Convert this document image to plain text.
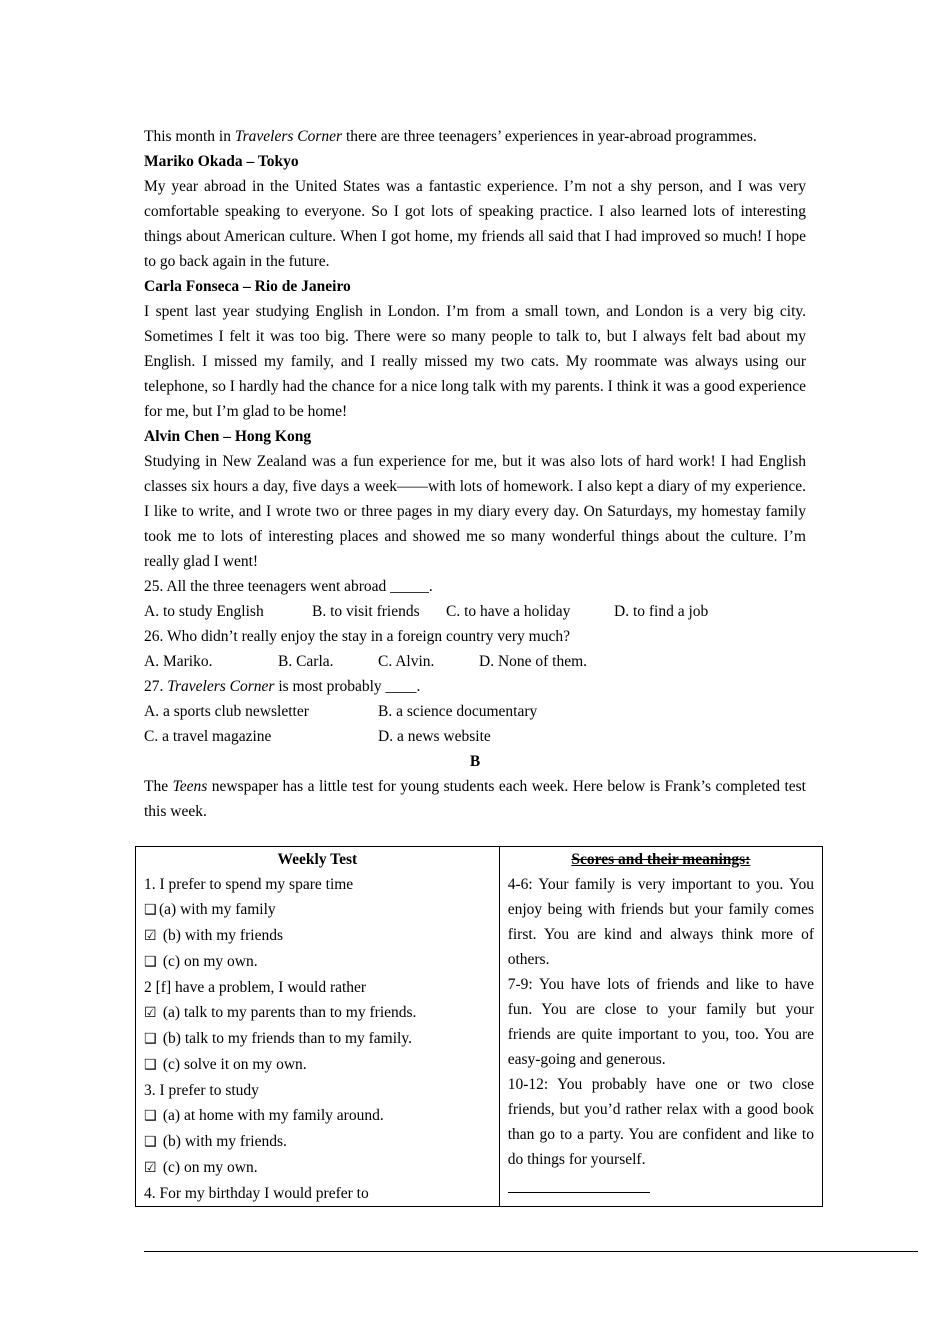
This month in Travelers Corner there are three teenagers’ experiences in year-abroad programmes.

Mariko Okada – Tokyo

My year abroad in the United States was a fantastic experience. I’m not a shy person, and I was very comfortable speaking to everyone. So I got lots of speaking practice. I also learned lots of interesting things about American culture. When I got home, my friends all said that I had improved so much! I hope to go back again in the future.

Carla Fonseca – Rio de Janeiro

I spent last year studying English in London. I’m from a small town, and London is a very big city. Sometimes I felt it was too big. There were so many people to talk to, but I always felt bad about my English. I missed my family, and I really missed my two cats. My roommate was always using our telephone, so I hardly had the chance for a nice long talk with my parents. I think it was a good experience for me, but I’m glad to be home!

Alvin Chen – Hong Kong

Studying in New Zealand was a fun experience for me, but it was also lots of hard work! I had English classes six hours a day, five days a week——with lots of homework. I also kept a diary of my experience. I like to write, and I wrote two or three pages in my diary every day. On Saturdays, my homestay family took me to lots of interesting places and showed me so many wonderful things about the culture. I’m really glad I went!

25. All the three teenagers went abroad _____.

A. to study English	B. to visit friends	C. to have a holiday	D. to find a job

26. Who didn’t really enjoy the stay in a foreign country very much?

A. Mariko.	B. Carla.	C. Alvin.	D. None of them.

27. Travelers Corner is most probably ____.

A. a sports club newsletter	B. a science documentary
C. a travel magazine	D. a news website

B

The Teens newspaper has a little test for young students each week. Here below is Frank’s completed test this week.

Weekly Test
1. I prefer to spend my spare time
❑ (a) with my family
☑ (b) with my friends
❑ (c) on my own.
2 [f] have a problem, I would rather
☑ (a) talk to my parents than to my friends.
❑ (b) talk to my friends than to my family.
❑ (c) solve it on my own.
3. I prefer to study
❑ (a) at home with my family around.
❑ (b) with my friends.
☑ (c) on my own.
4. For my birthday I would prefer to

Scores and their meanings:

4-6: Your family is very important to you. You enjoy being with friends but your family comes first. You are kind and always think more of others.

7-9: You have lots of friends and like to have fun. You are close to your family but your friends are quite important to you, too. You are easy-going and generous.

10-12: You probably have one or two close friends, but you’d rather relax with a good book than go to a party. You are confident and like to do things for yourself.
